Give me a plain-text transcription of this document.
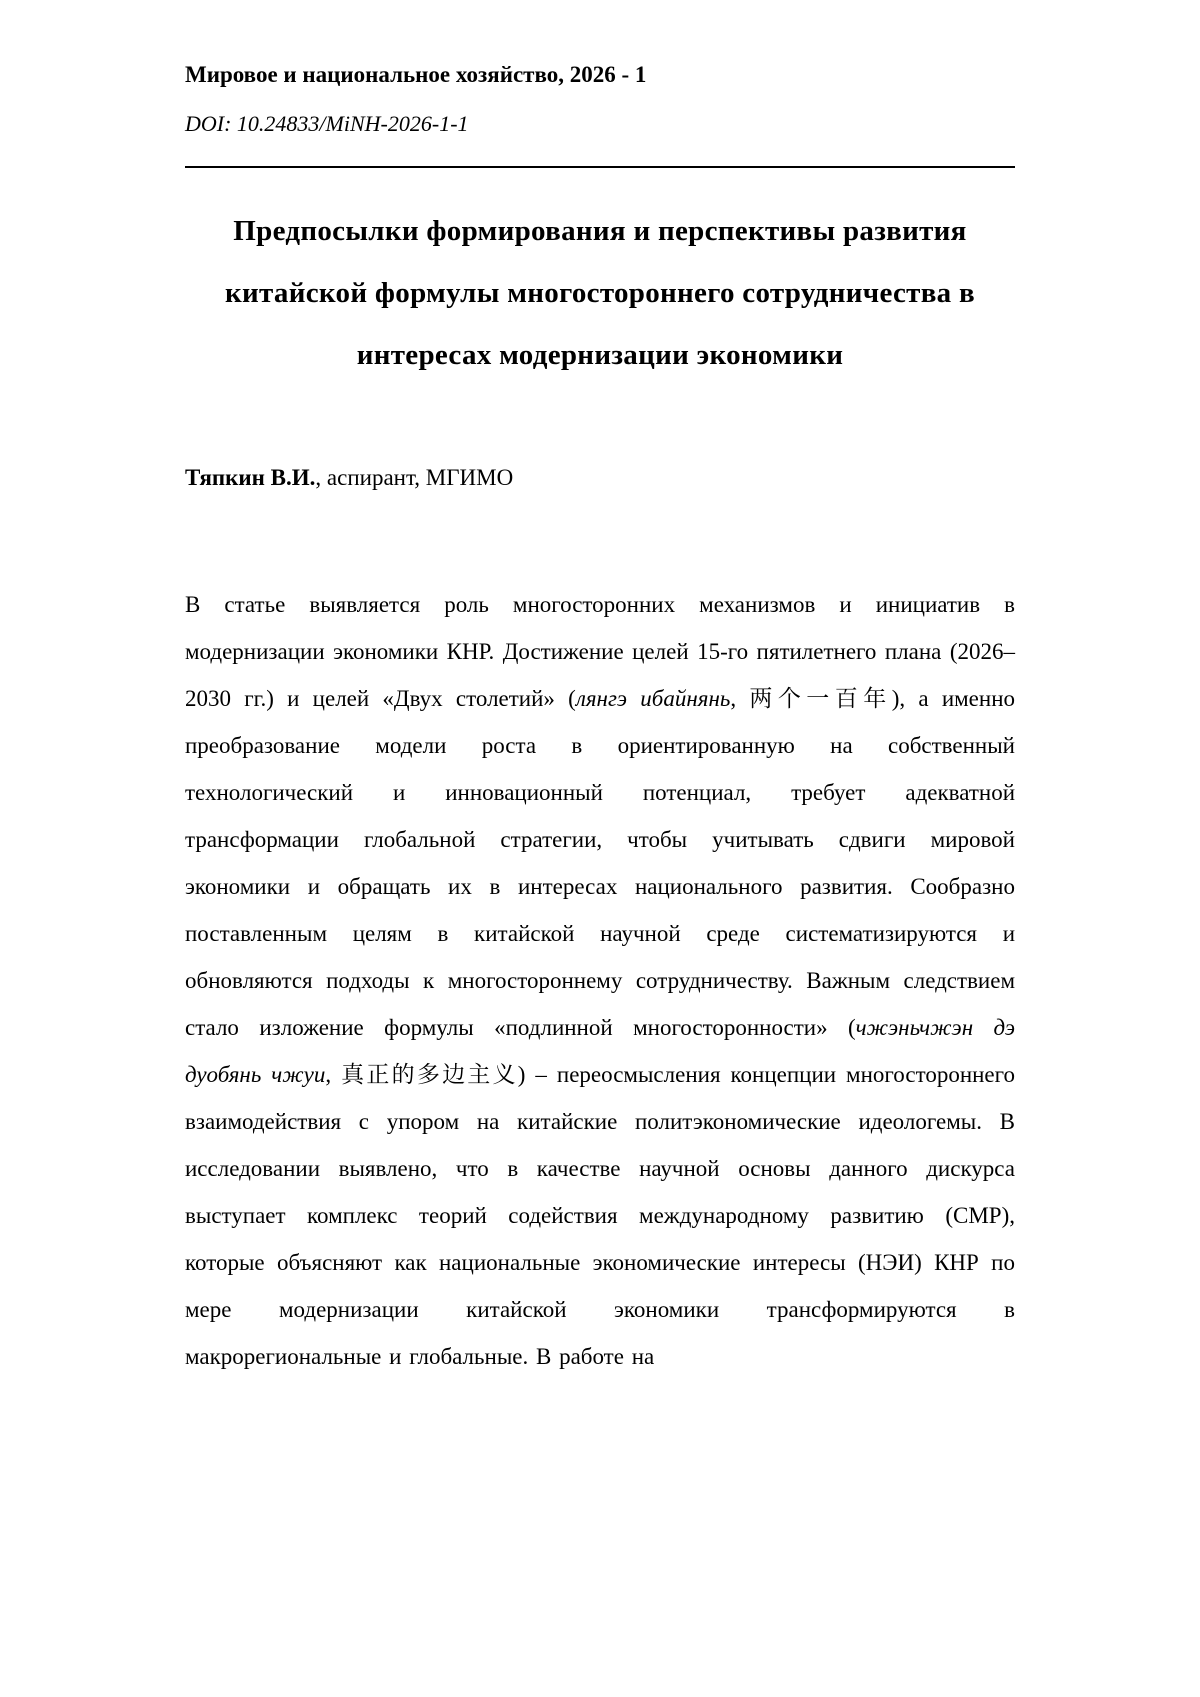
Мировое и национальное хозяйство, 2026 - 1

DOI: 10.24833/MiNH-2026-1-1

Предпосылки формирования и перспективы развития китайской формулы многостороннего сотрудничества в интересах модернизации экономики

Тяпкин В.И., аспирант, МГИМО

В статье выявляется роль многосторонних механизмов и инициатив в модернизации экономики КНР. Достижение целей 15-го пятилетнего плана (2026–2030 гг.) и целей «Двух столетий» (лянгэ ибайнянь, 两个一百年), а именно преобразование модели роста в ориентированную на собственный технологический и инновационный потенциал, требует адекватной трансформации глобальной стратегии, чтобы учитывать сдвиги мировой экономики и обращать их в интересах национального развития. Сообразно поставленным целям в китайской научной среде систематизируются и обновляются подходы к многостороннему сотрудничеству. Важным следствием стало изложение формулы «подлинной многосторонности» (чжэньчжэн дэ дуобянь чжуи, 真正的多边主义) – переосмысления концепции многостороннего взаимодействия с упором на китайские политэкономические идеологемы. В исследовании выявлено, что в качестве научной основы данного дискурса выступает комплекс теорий содействия международному развитию (СМР), которые объясняют как национальные экономические интересы (НЭИ) КНР по мере модернизации китайской экономики трансформируются в макрорегиональные и глобальные. В работе на
